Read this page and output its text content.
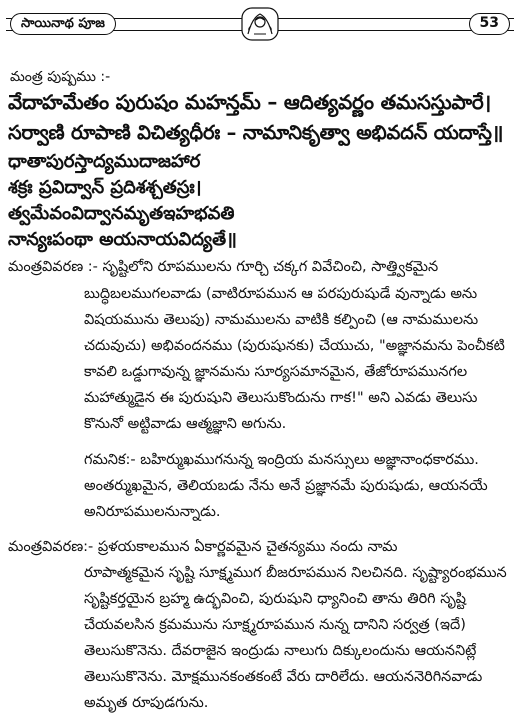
సాయినాథ పూజ	53
మంత్ర పుష్పము :-
వేదాహమేతం పురుషం మహన్తమ్ – ఆదిత్యవర్ణం తమసస్తుపారే।
సర్వాణి రూపాణి విచిత్యధీరః – నామానికృత్వా అభివదన్ యదాస్తే॥
ధాతాపురస్తాద్యముదాజహార
శక్రః ప్రవిద్వాన్ ప్రదిశశ్చతస్రః।
త్వమేవంవిద్వానమృతఇహభవతి
నాన్యఃపంథా అయనాయవిద్యతే॥
మంత్రవివరణ :- సృష్టిలోని రూపములను గూర్చి చక్కగ వివేచించి, సాత్త్వికమైన
బుద్ధిబలముగలవాడు (వాటిరూపమున ఆ పరపురుషుడే వున్నాడు అను
విషయమును తెలుపు) నామములను వాటికి కల్పించి (ఆ నామములను
చదువుచు) అభివందనము (పురుషునకు) చేయుచు, "అజ్ఞానమను పెంచీకటి
కావలి ఒడ్డుగావున్న జ్ఞానమను సూర్యసమానమైన, తేజోరూపమునగల
మహాత్ముడైన ఈ పురుషుని తెలుసుకొందును గాక!" అని ఎవడు తెలుసు
కొనునో అట్టివాడు ఆత్మజ్ఞాని అగును.
గమనిక:- బహిర్ముఖముగనున్న ఇంద్రియ మనస్సులు అజ్ఞానాంధకారము.
అంతర్ముఖమైన, తెలియబడు నేను అనే ప్రజ్ఞానమే పురుషుడు, ఆయనయే
అనిరూపములనున్నాడు.
మంత్రవివరణ:- ప్రళయకాలమున ఏకార్ణవమైన చైతన్యము నందు నామ
రూపాత్మకమైన సృష్టి సూక్ష్మముగ బీజరూపమున నిలచినది. సృష్ట్యారంభమున
సృష్టికర్తయైన బ్రహ్మ ఉద్భవించి, పురుషుని ధ్యానించి తాను తిరిగి సృష్టి
చేయవలసిన క్రమమును సూక్ష్మరూపమున నున్న దానిని సర్వత్ర (ఇదే)
తెలుసుకొనెను. దేవరాజైన ఇంద్రుడు నాలుగు దిక్కులందును ఆయననిట్లే
తెలుసుకొనెను. మోక్షమునకంతకంటే వేరు దారిలేదు. ఆయననెరిగినవాడు
అమృత రూపుడగును.
